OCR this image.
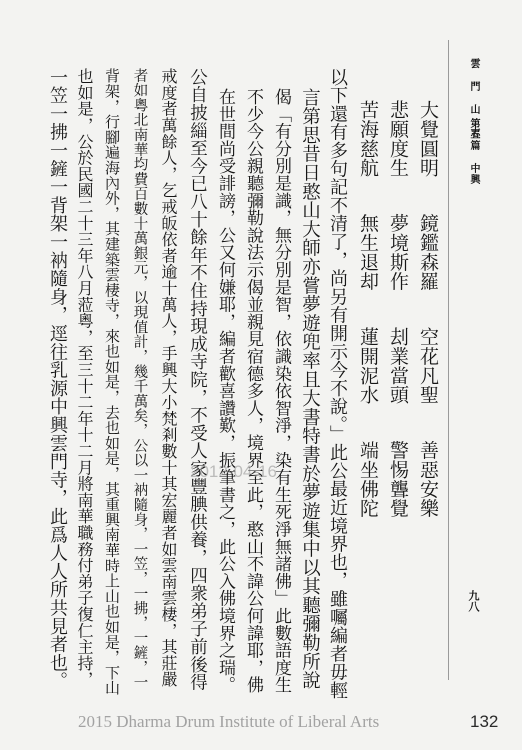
雲 門 山 志
第五篇 中興
九八
大覺圓明 鏡鑑森羅 空花凡聖 善惡安樂
悲願度生 夢境斯作 刦業當頭 警惕聾覺
苦海慈航 無生退却 蓮開泥水 端坐佛陀
以下還有多句記不清了，尚另有開示今不說。」此公最近境界也，雖囑編者毋輕
言第思昔日憨山大師亦嘗夢遊兜率且大書特書於夢遊集中以其聽彌勒所說
偈「有分別是識，無分別是智，依識染依智淨，染有生死淨無諸佛」此數語度生
不少今公親聽彌勒說法示偈並親見宿德多人，境界至此，憨山不諱公何諱耶，佛
在世間尚受誹謗，公又何嫌耶，編者歡喜讚歎，振筆書之，此公入佛境界之瑞。
公自披緇至今已八十餘年不住持現成寺院，不受人家豐腆供養，四衆弟子前後得
戒度者萬餘人，乞戒皈依者逾十萬人，手興大小梵剎數十其宏麗者如雲南雲棲，其莊嚴
者如粵北南華均費百數十萬銀元，以現值計，幾千萬矣，公以一衲隨身，一笠，一拂，一鏟，一
背架，行腳遍海內外，其建築雲棲寺，來也如是，去也如是，其重興南華時上山也如是，下山
也如是，公於民國二十三年八月蒞粵，至三十二年十二月將南華職務付弟子復仁主持，
一笠一拂一鏟一背架一衲隨身，逕往乳源中興雲門寺，此爲人人所共見者也。	2012-04-16
2015 Dharma Drum Institute of Liberal Arts	132
